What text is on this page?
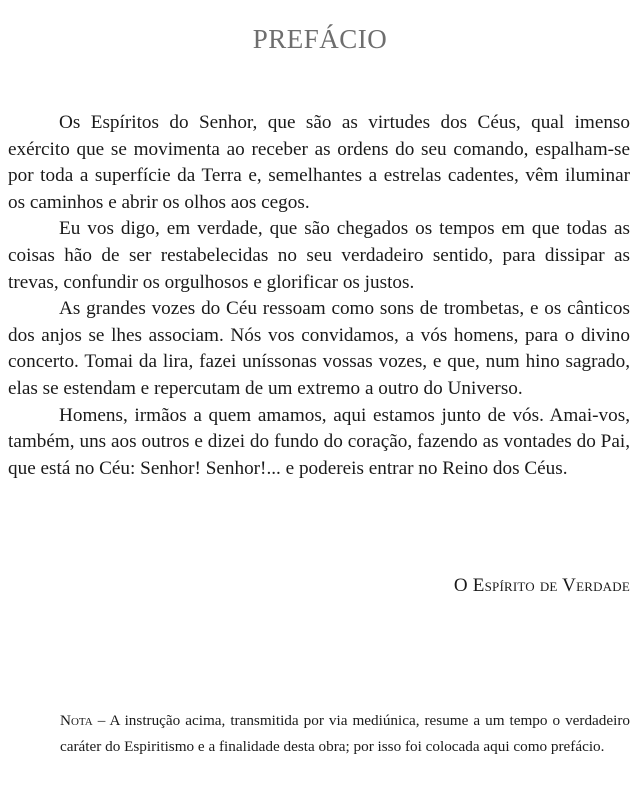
PREFÁCIO

Os Espíritos do Senhor, que são as virtudes dos Céus, qual imenso exército que se movimenta ao receber as ordens do seu comando, espalham-se por toda a superfície da Terra e, semelhantes a estrelas cadentes, vêm iluminar os caminhos e abrir os olhos aos cegos.

Eu vos digo, em verdade, que são chegados os tempos em que todas as coisas hão de ser restabelecidas no seu verdadeiro sentido, para dissipar as trevas, confundir os orgulhosos e glorificar os justos.

As grandes vozes do Céu ressoam como sons de trombetas, e os cânticos dos anjos se lhes associam. Nós vos convidamos, a vós homens, para o divino concerto. Tomai da lira, fazei uníssonas vossas vozes, e que, num hino sagrado, elas se estendam e repercutam de um extremo a outro do Universo.

Homens, irmãos a quem amamos, aqui estamos junto de vós. Amai-vos, também, uns aos outros e dizei do fundo do coração, fazendo as vontades do Pai, que está no Céu: Senhor! Senhor!... e podereis entrar no Reino dos Céus.

O Espírito de Verdade

Nota – A instrução acima, transmitida por via mediúnica, resume a um tempo o verdadeiro caráter do Espiritismo e a finalidade desta obra; por isso foi colocada aqui como prefácio.
